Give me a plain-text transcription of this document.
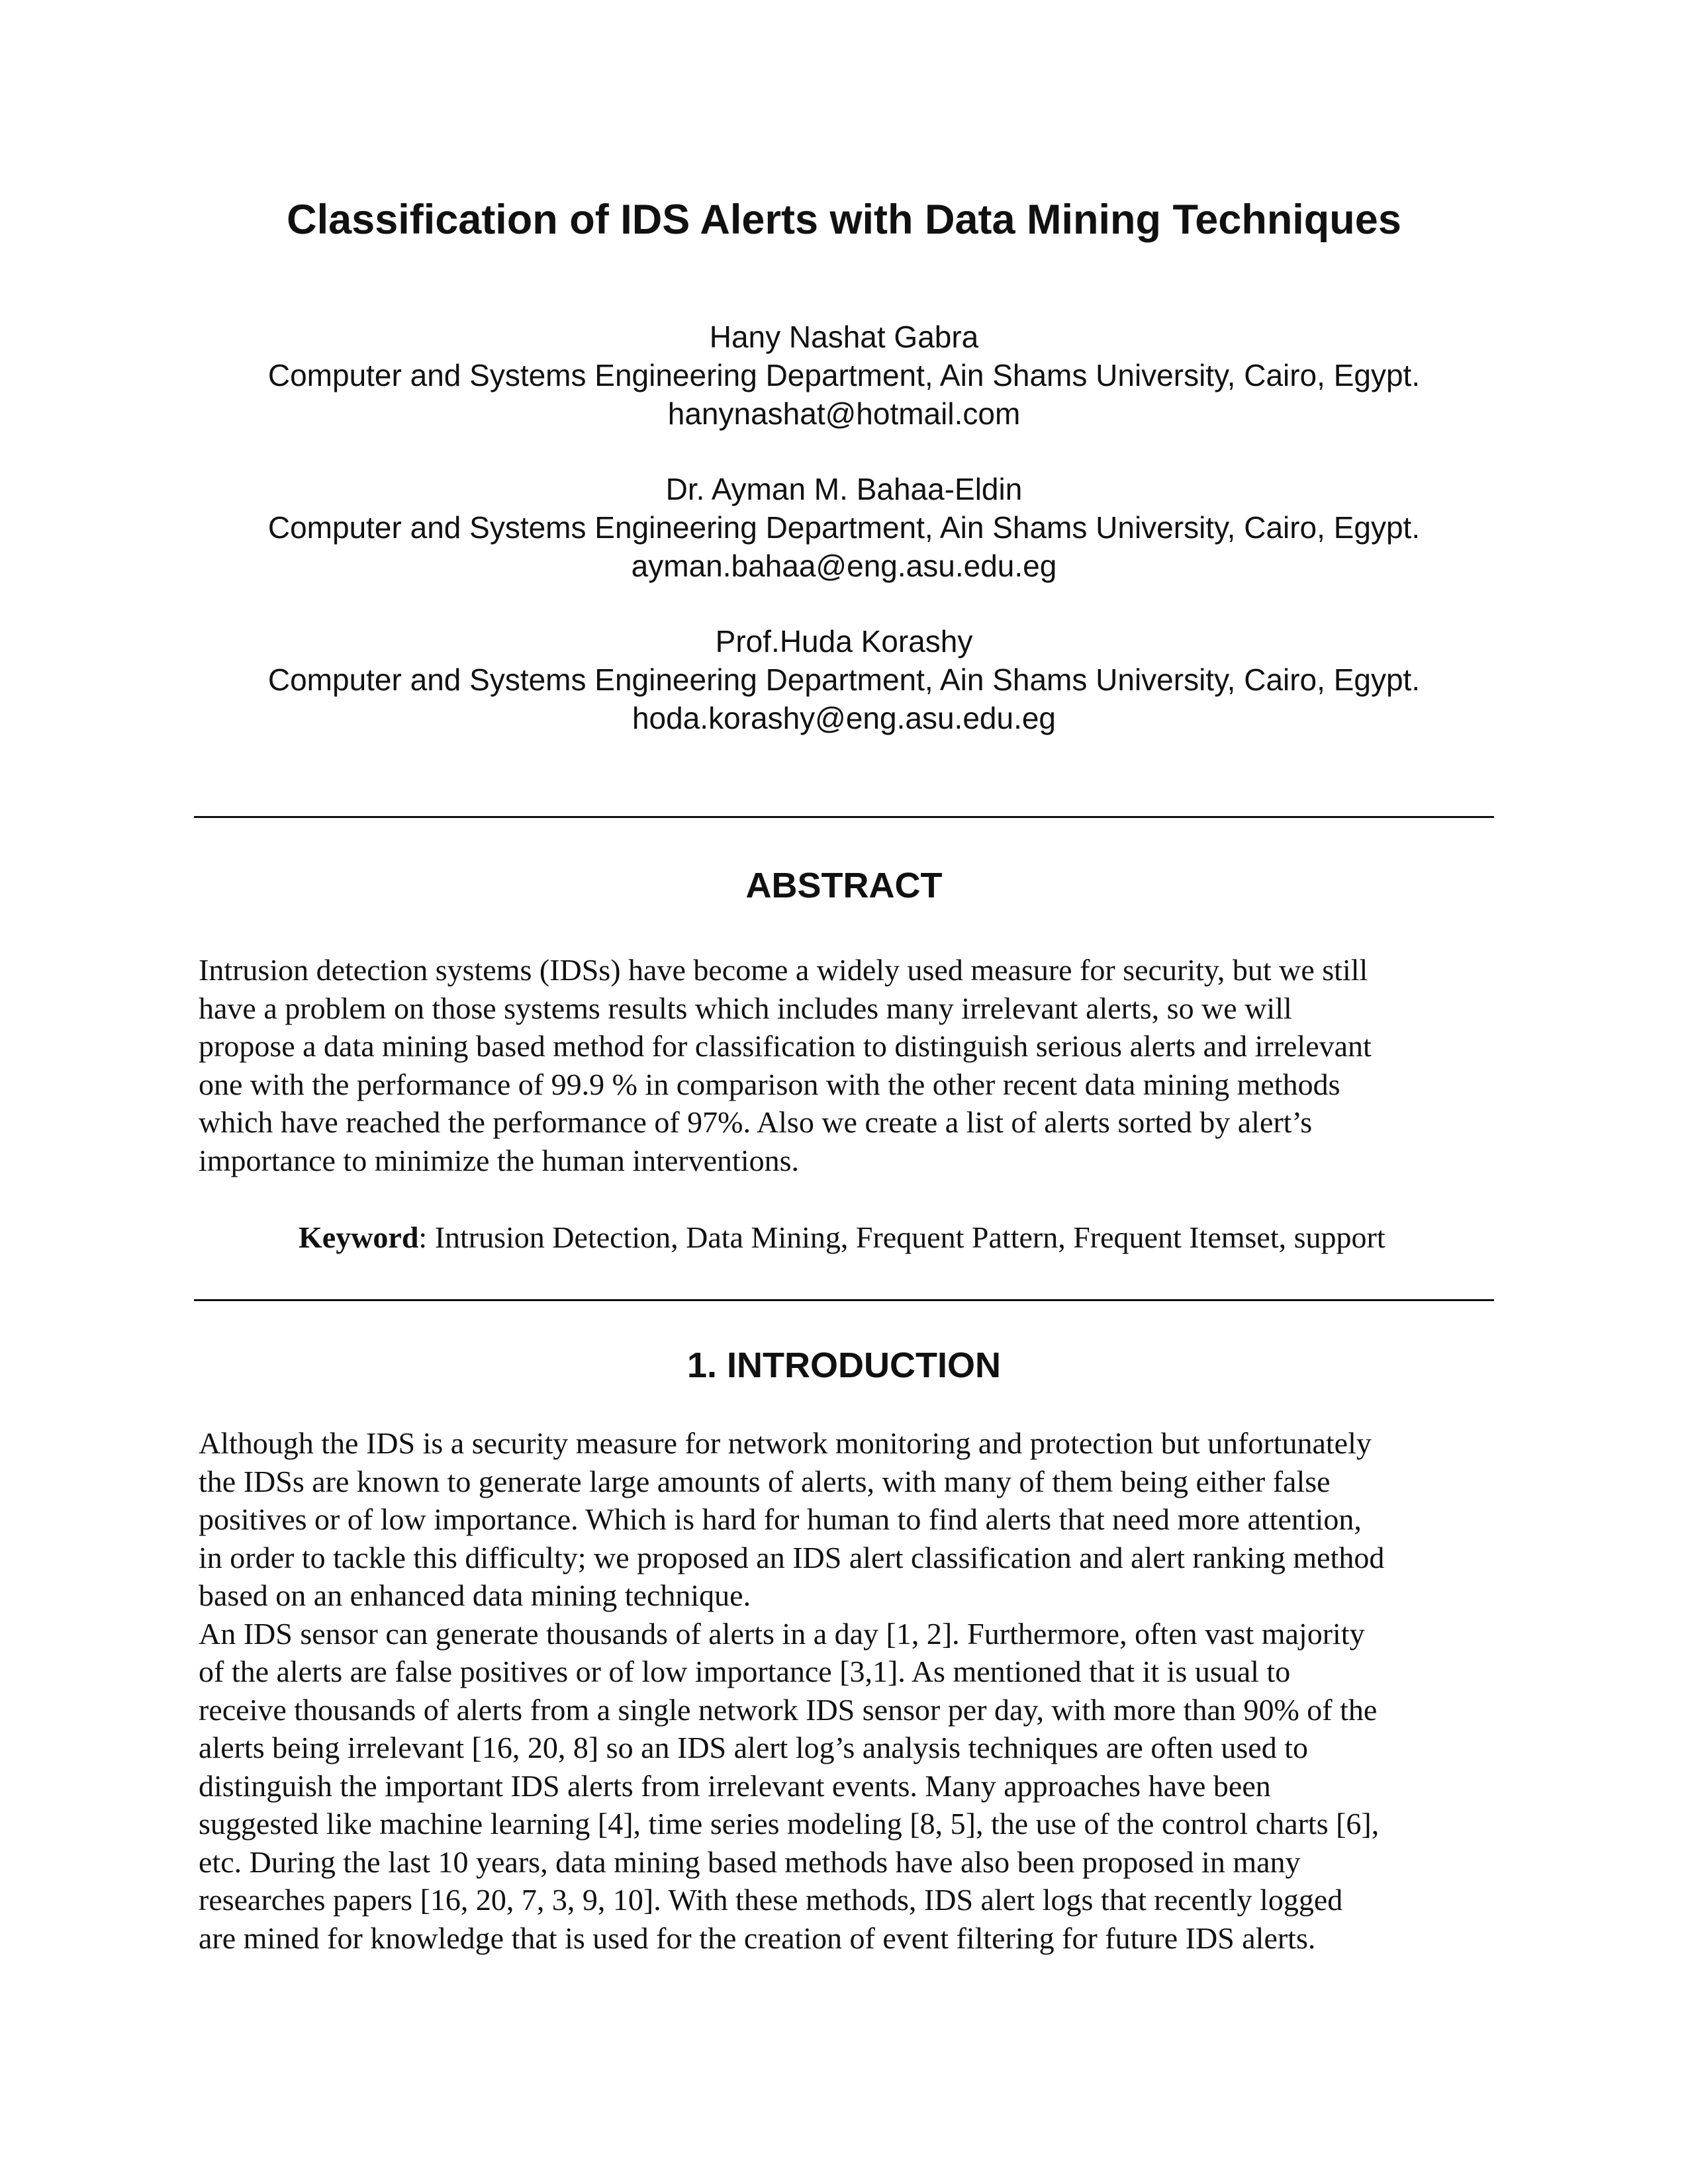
Classification of IDS Alerts with Data Mining Techniques
Hany Nashat Gabra
Computer and Systems Engineering Department, Ain Shams University, Cairo, Egypt.
hanynashat@hotmail.com
Dr. Ayman M. Bahaa-Eldin
Computer and Systems Engineering Department, Ain Shams University, Cairo, Egypt.
ayman.bahaa@eng.asu.edu.eg
Prof.Huda Korashy
Computer and Systems Engineering Department, Ain Shams University, Cairo, Egypt.
hoda.korashy@eng.asu.edu.eg
ABSTRACT
Intrusion detection systems (IDSs) have become a widely used measure for security, but we still
have a problem on those systems results which includes many irrelevant alerts, so we will
propose a data mining based method for classification to distinguish serious alerts and irrelevant
one with the performance of 99.9 % in comparison with the other recent data mining methods
which have reached the performance of 97%. Also we create a list of alerts sorted by alert’s
importance to minimize the human interventions.
Keyword: Intrusion Detection, Data Mining, Frequent Pattern, Frequent Itemset, support
1. INTRODUCTION
Although the IDS is a security measure for network monitoring and protection but unfortunately
the IDSs are known to generate large amounts of alerts, with many of them being either false
positives or of low importance. Which is hard for human to find alerts that need more attention,
in order to tackle this difficulty; we proposed an IDS alert classification and alert ranking method
based on an enhanced data mining technique.
An IDS sensor can generate thousands of alerts in a day [1, 2]. Furthermore, often vast majority
of the alerts are false positives or of low importance [3,1]. As mentioned that it is usual to
receive thousands of alerts from a single network IDS sensor per day, with more than 90% of the
alerts being irrelevant [16, 20, 8] so an IDS alert log’s analysis techniques are often used to
distinguish the important IDS alerts from irrelevant events. Many approaches have been
suggested like machine learning [4], time series modeling [8, 5], the use of the control charts [6],
etc. During the last 10 years, data mining based methods have also been proposed in many
researches papers [16, 20, 7, 3, 9, 10]. With these methods, IDS alert logs that recently logged
are mined for knowledge that is used for the creation of event filtering for future IDS alerts.
